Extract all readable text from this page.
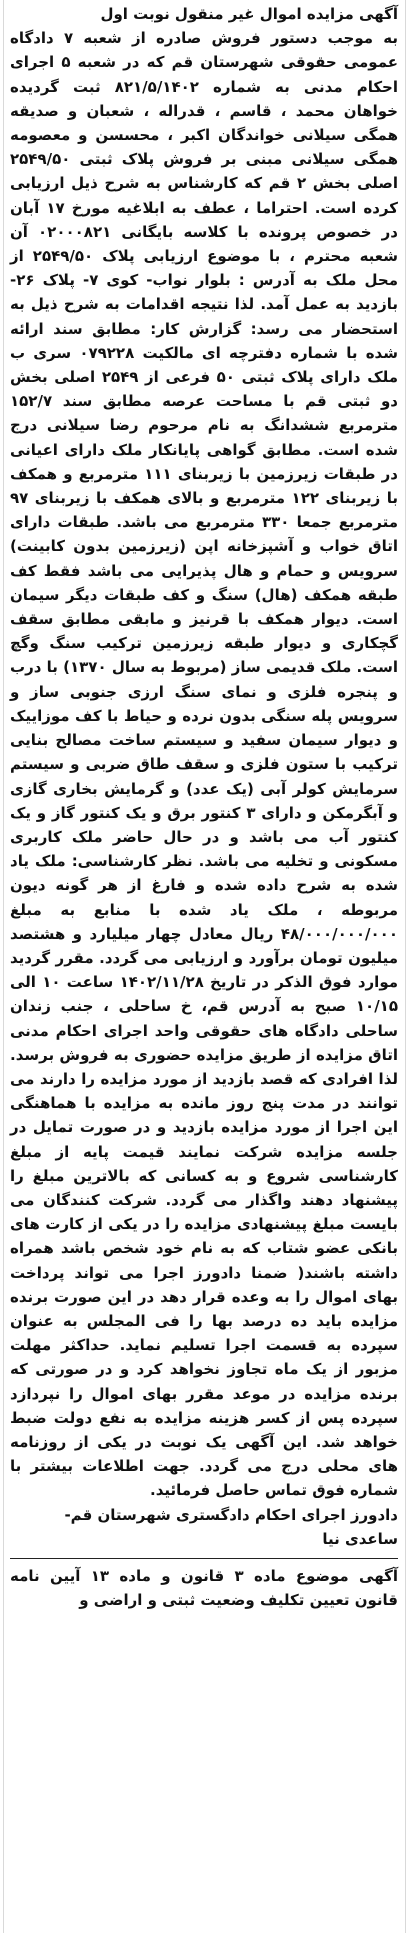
آگهی مزایده اموال غیر منقول نوبت اول

به موجب دستور فروش صادره از شعبه ۷ دادگاه عمومی حقوقی شهرستان قم که در شعبه ۵ اجرای احکام مدنی به شماره ۸۲۱/۵/۱۴۰۲ ثبت گردیده خواهان محمد ، قاسم ، قدراله ، شعبان و صدیقه همگی سیلانی خواندگان اکبر ، محسسن و معصومه همگی سیلانی مبنی بر فروش پلاک ثبتی ۲۵۴۹/۵۰ اصلی بخش ۲ قم که کارشناس به شرح ذیل ارزیابی کرده است. احتراما ، عطف به ابلاغیه مورخ ۱۷ آبان در خصوص پرونده با کلاسه بایگانی ۰۲۰۰۰۸۲۱ آن شعبه محترم ، با موضوع ارزیابی پلاک ۲۵۴۹/۵۰ از محل ملک به آدرس : بلوار نواب- کوی ۷- پلاک ۲۶-بازدید به عمل آمد. لذا نتیجه اقدامات به شرح ذیل به استحضار می رسد: گزارش کار: مطابق سند ارائه شده با شماره دفترچه ای مالکیت ۰۷۹۲۲۸ سری ب ملک دارای پلاک ثبتی ۵۰ فرعی از ۲۵۴۹ اصلی بخش دو ثبتی قم با مساحت عرصه مطابق سند ۱۵۲/۷ مترمربع ششدانگ به نام مرحوم رضا سیلانی درج شده است. مطابق گواهی پایانکار ملک دارای اعیانی در طبقات زیرزمین با زیربنای ۱۱۱ مترمربع و همکف با زیربنای ۱۲۲ مترمربع و بالای همکف با زیربنای ۹۷ مترمربع جمعا ۳۳۰ مترمربع می باشد. طبقات دارای اتاق خواب و آشپزخانه اپن (زیرزمین بدون کابینت) سرویس و حمام و هال پذیرایی می باشد فقط کف طبقه همکف (هال) سنگ و کف طبقات دیگر سیمان است. دیوار همکف با قرنیز و مابقی مطابق سقف گچکاری و دیوار طبقه زیرزمین ترکیب سنگ وگچ است. ملک قدیمی ساز (مربوط به سال ۱۳۷۰) با درب و پنجره فلزی و نمای سنگ ارزی جنوبی ساز و سرویس پله سنگی بدون نرده و حیاط با کف موزاییک و دیوار سیمان سفید و سیستم ساخت مصالح بنایی ترکیب با ستون فلزی و سقف طاق ضربی و سیستم سرمایش کولر آبی (یک عدد) و گرمایش بخاری گازی و آبگرمکن و دارای ۳ کنتور برق و یک کنتور گاز و یک کنتور آب می باشد و در حال حاضر ملک کاربری مسکونی و تخلیه می باشد. نظر کارشناسی: ملک یاد شده به شرح داده شده و فارغ از هر گونه دیون مربوطه ، ملک یاد شده با منابع به مبلغ ۴۸/۰۰۰/۰۰۰/۰۰۰ ریال معادل چهار میلیارد و هشتصد میلیون تومان برآورد و ارزیابی می گردد. مقرر گردید موارد فوق الذکر در تاریخ ۱۴۰۲/۱۱/۲۸ ساعت ۱۰ الی ۱۰/۱۵ صبح به آدرس قم، خ ساحلی ، جنب زندان ساحلی دادگاه های حقوقی واحد اجرای احکام مدنی اتاق مزایده از طریق مزایده حضوری به فروش برسد. لذا افرادی که قصد بازدید از مورد مزایده را دارند می توانند در مدت پنج روز مانده به مزایده با هماهنگی این اجرا از مورد مزایده بازدید و در صورت تمایل در جلسه مزایده شرکت نمایند قیمت پایه از مبلغ کارشناسی شروع و به کسانی که بالاترین مبلغ را پیشنهاد دهند واگذار می گردد. شرکت کنندگان می بایست مبلغ پیشنهادی مزایده را در یکی از کارت های بانکی عضو شتاب که به نام خود شخص باشد همراه داشته باشند( ضمنا دادورز اجرا می تواند پرداخت بهای اموال را به وعده قرار دهد در این صورت برنده مزایده باید ده درصد بها را فی المجلس به عنوان سپرده به قسمت اجرا تسلیم نماید. حداکثر مهلت مزبور از یک ماه تجاوز نخواهد کرد و در صورتی که برنده مزایده در موعد مقرر بهای اموال را نپردازد سپرده پس از کسر هزینه مزایده به نفع دولت ضبط خواهد شد. این آگهی یک نوبت در یکی از روزنامه های محلی درج می گردد. جهت اطلاعات بیشتر با شماره فوق تماس حاصل فرمائید.

دادورز اجرای احکام دادگستری شهرستان قم- ساعدی نیا

آگهی موضوع ماده ۳ قانون و ماده ۱۳ آیین نامه قانون تعیین تکلیف وضعیت ثبتی و اراضی و
